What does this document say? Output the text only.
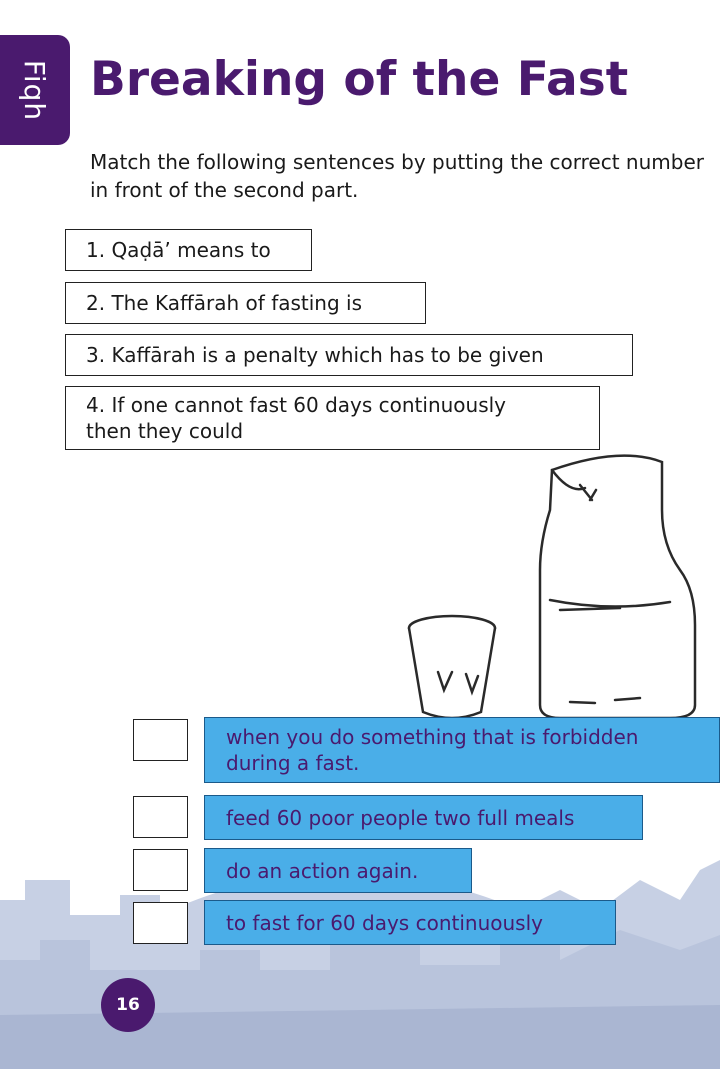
Fiqh Breaking of the Fast

Match the following sentences by putting the correct number in front of the second part.

1. Qaḍā’ means to
2. The Kaffārah of fasting is
3. Kaffārah is a penalty which has to be given
4. If one cannot fast 60 days continuously
then they could
when you do something that is forbidden
during a fast.
feed 60 poor people two full meals
do an action again.
to fast for 60 days continuously
16
